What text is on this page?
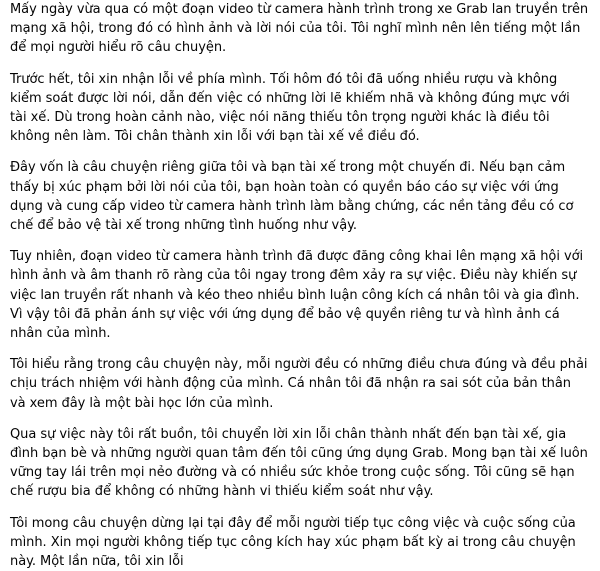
Mấy ngày vừa qua có một đoạn video từ camera hành trình trong xe Grab lan truyền trên mạng xã hội, trong đó có hình ảnh và lời nói của tôi. Tôi nghĩ mình nên lên tiếng một lần để mọi người hiểu rõ câu chuyện.

Trước hết, tôi xin nhận lỗi về phía mình. Tối hôm đó tôi đã uống nhiều rượu và không kiểm soát được lời nói, dẫn đến việc có những lời lẽ khiếm nhã và không đúng mực với tài xế. Dù trong hoàn cảnh nào, việc nói năng thiếu tôn trọng người khác là điều tôi không nên làm. Tôi chân thành xin lỗi với bạn tài xế về điều đó.

Đây vốn là câu chuyện riêng giữa tôi và bạn tài xế trong một chuyến đi. Nếu bạn cảm thấy bị xúc phạm bởi lời nói của tôi, bạn hoàn toàn có quyền báo cáo sự việc với ứng dụng và cung cấp video từ camera hành trình làm bằng chứng, các nền tảng đều có cơ chế để bảo vệ tài xế trong những tình huống như vậy.

Tuy nhiên, đoạn video từ camera hành trình đã được đăng công khai lên mạng xã hội với hình ảnh và âm thanh rõ ràng của tôi ngay trong đêm xảy ra sự việc. Điều này khiến sự việc lan truyền rất nhanh và kéo theo nhiều bình luận công kích cá nhân tôi và gia đình. Vì vậy tôi đã phản ánh sự việc với ứng dụng để bảo vệ quyền riêng tư và hình ảnh cá nhân của mình.

Tôi hiểu rằng trong câu chuyện này, mỗi người đều có những điều chưa đúng và đều phải chịu trách nhiệm với hành động của mình. Cá nhân tôi đã nhận ra sai sót của bản thân và xem đây là một bài học lớn của mình.

Qua sự việc này tôi rất buồn, tôi chuyển lời xin lỗi chân thành nhất đến bạn tài xế, gia đình bạn bè và những người quan tâm đến tôi cũng ứng dụng Grab. Mong bạn tài xế luôn vững tay lái trên mọi nẻo đường và có nhiều sức khỏe trong cuộc sống. Tôi cũng sẽ hạn chế rượu bia để không có những hành vi thiếu kiểm soát như vậy.

Tôi mong câu chuyện dừng lại tại đây để mỗi người tiếp tục công việc và cuộc sống của mình. Xin mọi người không tiếp tục công kích hay xúc phạm bất kỳ ai trong câu chuyện này. Một lần nữa, tôi xin lỗi
